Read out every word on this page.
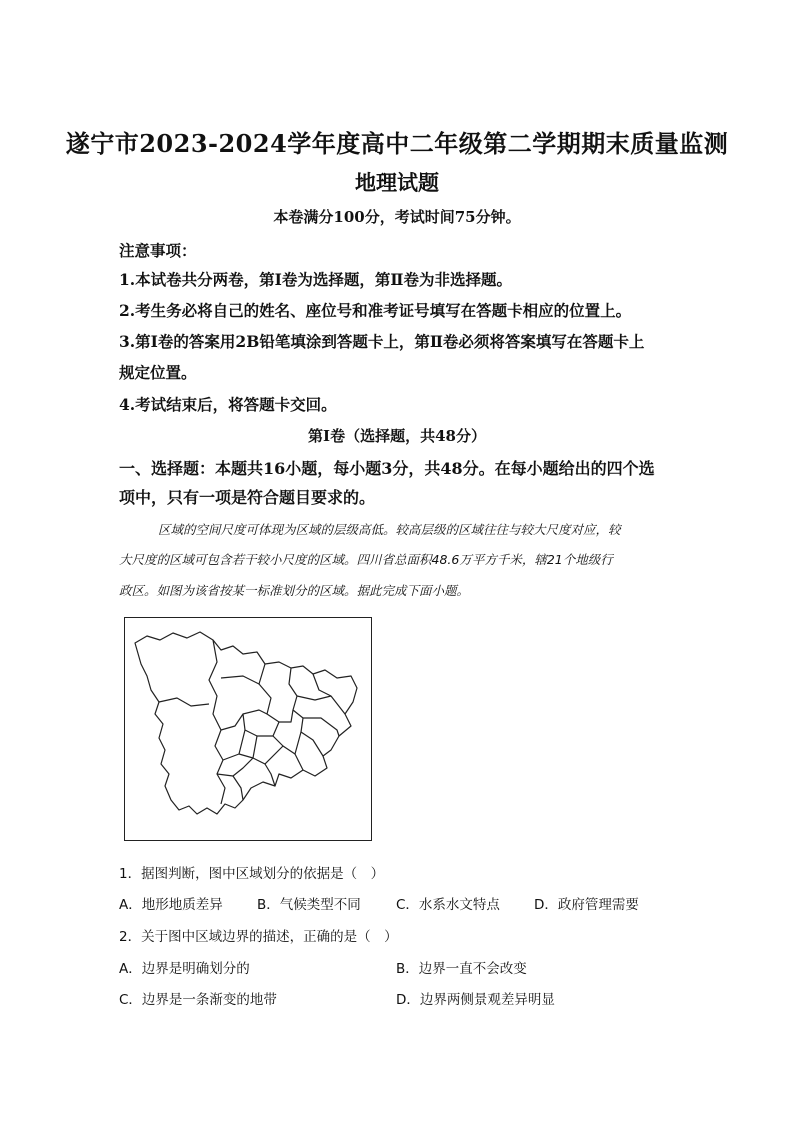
遂宁市2023-2024学年度高中二年级第二学期期末质量监测
地理试题
本卷满分100分，考试时间75分钟。
注意事项：
1.本试卷共分两卷，第Ⅰ卷为选择题，第Ⅱ卷为非选择题。
2.考生务必将自己的姓名、座位号和准考证号填写在答题卡相应的位置上。
3.第Ⅰ卷的答案用2B铅笔填涂到答题卡上，第Ⅱ卷必须将答案填写在答题卡上
规定位置。
4.考试结束后，将答题卡交回。
第Ⅰ卷（选择题，共48分）
一、选择题：本题共16小题，每小题3分，共48分。在每小题给出的四个选
项中，只有一项是符合题目要求的。
区域的空间尺度可体现为区域的层级高低。较高层级的区域往往与较大尺度对应，较
大尺度的区域可包含若干较小尺度的区域。四川省总面积48.6万平方千米，辖21个地级行
政区。如图为该省按某一标准划分的区域。据此完成下面小题。
1．据图判断，图中区域划分的依据是（　）
A．地形地质差异	B．气候类型不同	C．水系水文特点	D．政府管理需要
2．关于图中区域边界的描述，正确的是（　）
A．边界是明确划分的	B．边界一直不会改变
C．边界是一条渐变的地带	D．边界两侧景观差异明显
